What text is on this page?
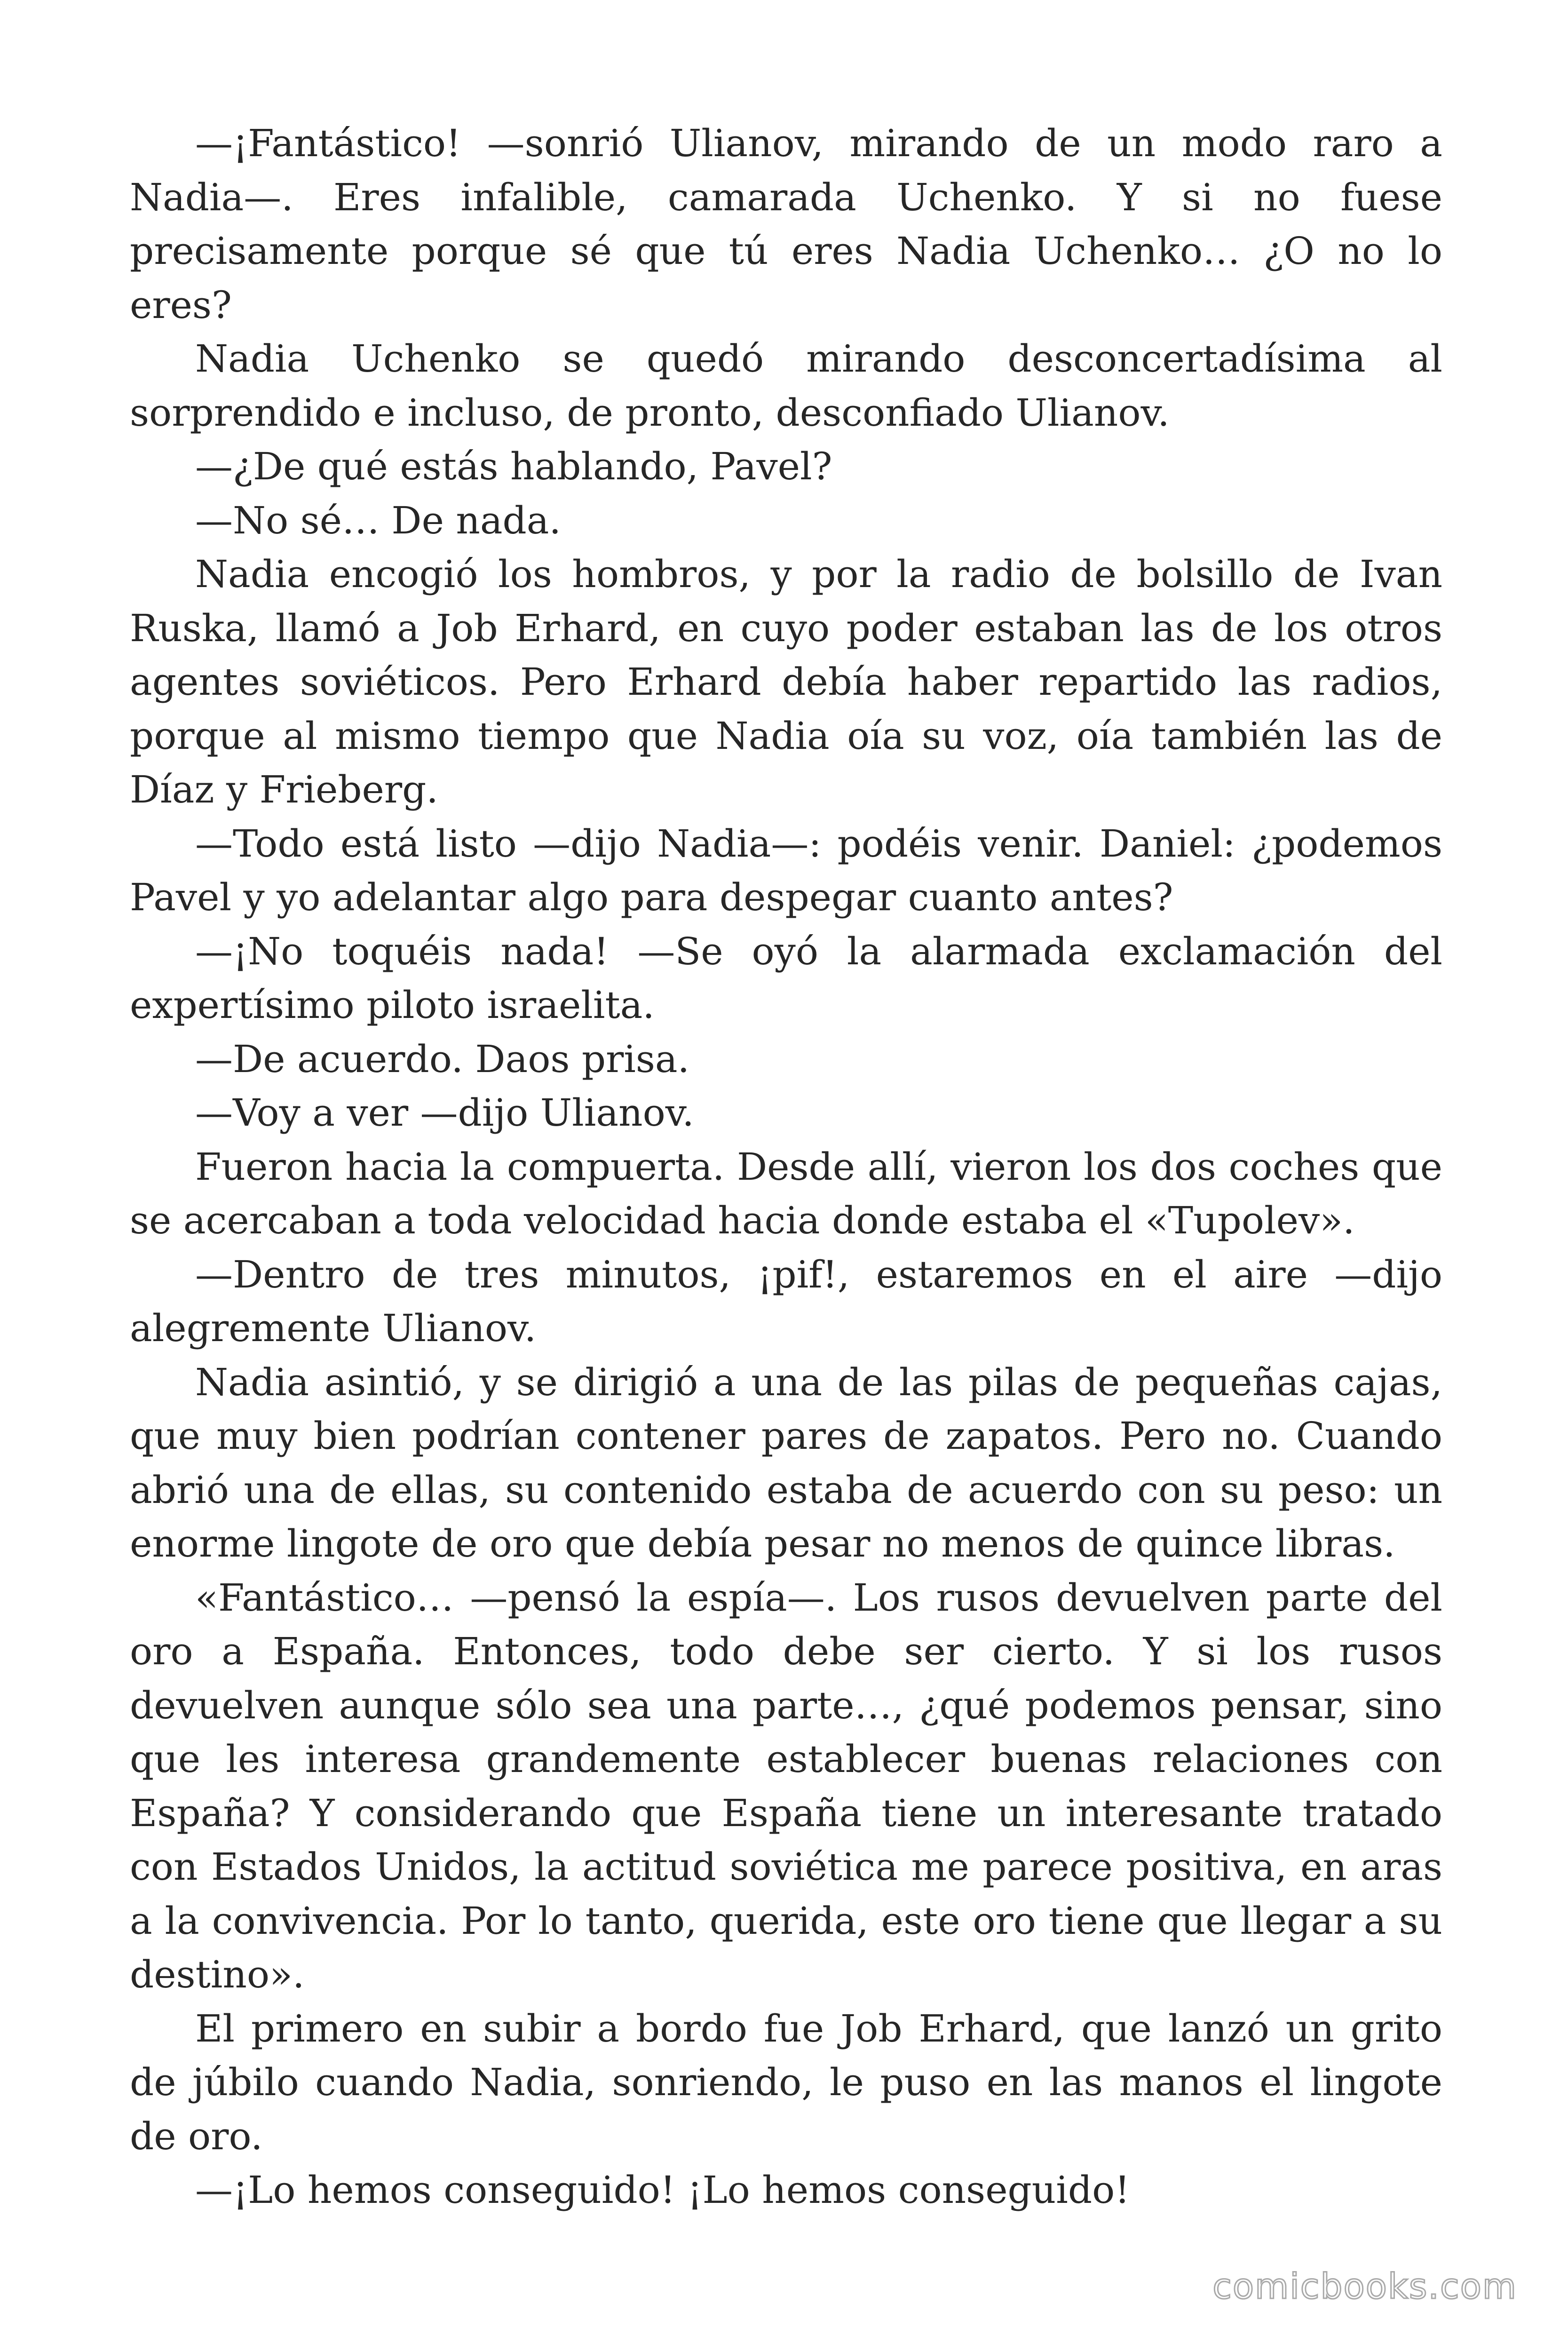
—¡Fantástico! —sonrió Ulianov, mirando de un modo raro a Nadia—. Eres infalible, camarada Uchenko. Y si no fuese precisamente porque sé que tú eres Nadia Uchenko… ¿O no lo eres?

Nadia Uchenko se quedó mirando desconcertadísima al sorprendido e incluso, de pronto, desconfiado Ulianov.

—¿De qué estás hablando, Pavel?

—No sé… De nada.

Nadia encogió los hombros, y por la radio de bolsillo de Ivan Ruska, llamó a Job Erhard, en cuyo poder estaban las de los otros agentes soviéticos. Pero Erhard debía haber repartido las radios, porque al mismo tiempo que Nadia oía su voz, oía también las de Díaz y Frieberg.

—Todo está listo —dijo Nadia—: podéis venir. Daniel: ¿podemos Pavel y yo adelantar algo para despegar cuanto antes?

—¡No toquéis nada! —Se oyó la alarmada exclamación del expertísimo piloto israelita.

—De acuerdo. Daos prisa.

—Voy a ver —dijo Ulianov.

Fueron hacia la compuerta. Desde allí, vieron los dos coches que se acercaban a toda velocidad hacia donde estaba el «Tupolev».

—Dentro de tres minutos, ¡pif!, estaremos en el aire —dijo alegremente Ulianov.

Nadia asintió, y se dirigió a una de las pilas de pequeñas cajas, que muy bien podrían contener pares de zapatos. Pero no. Cuando abrió una de ellas, su contenido estaba de acuerdo con su peso: un enorme lingote de oro que debía pesar no menos de quince libras.

«Fantástico… —pensó la espía—. Los rusos devuelven parte del oro a España. Entonces, todo debe ser cierto. Y si los rusos devuelven aunque sólo sea una parte…, ¿qué podemos pensar, sino que les interesa grandemente establecer buenas relaciones con España? Y considerando que España tiene un interesante tratado con Estados Unidos, la actitud soviética me parece positiva, en aras a la convivencia. Por lo tanto, querida, este oro tiene que llegar a su destino».

El primero en subir a bordo fue Job Erhard, que lanzó un grito de júbilo cuando Nadia, sonriendo, le puso en las manos el lingote de oro.

—¡Lo hemos conseguido! ¡Lo hemos conseguido!

comicbooks.com
